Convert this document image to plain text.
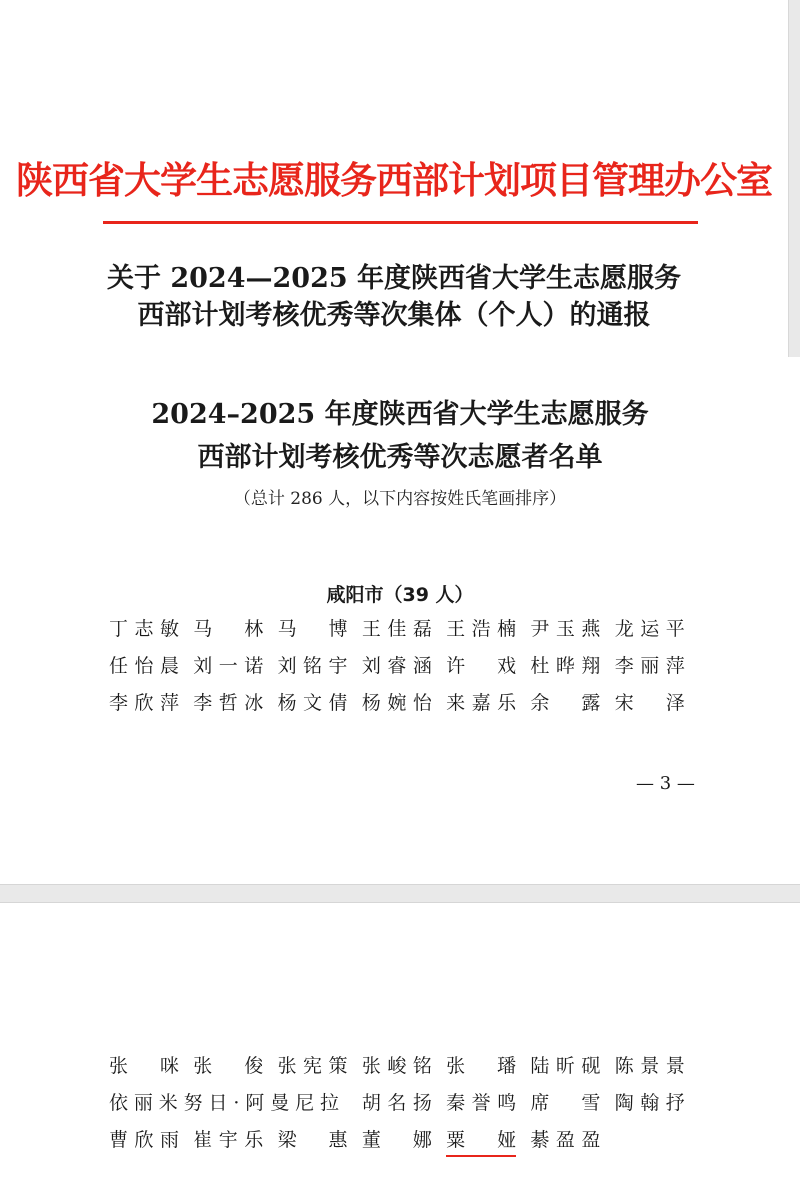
陕西省大学生志愿服务西部计划项目管理办公室
关于 2024—2025 年度陕西省大学生志愿服务
西部计划考核优秀等次集体（个人）的通报
2024–2025 年度陕西省大学生志愿服务
西部计划考核优秀等次志愿者名单
（总计 286 人，以下内容按姓氏笔画排序）
咸阳市（39 人）
丁志敏 马　林 马　博 王佳磊 王浩楠 尹玉燕 龙运平
任怡晨 刘一诺 刘铭宇 刘睿涵 许　戏 杜晔翔 李丽萍
李欣萍 李哲冰 杨文倩 杨婉怡 来嘉乐 余　露 宋　泽
— 3 —
张　咪 张　俊 张宪策 张峻铭 张　璠 陆昕砚 陈景景
依丽米努日·阿曼尼拉 胡名扬 秦誉鸣 席　雪 陶翰抒
曹欣雨 崔宇乐 梁　惠 董　娜 粟　娅 綦盈盈
